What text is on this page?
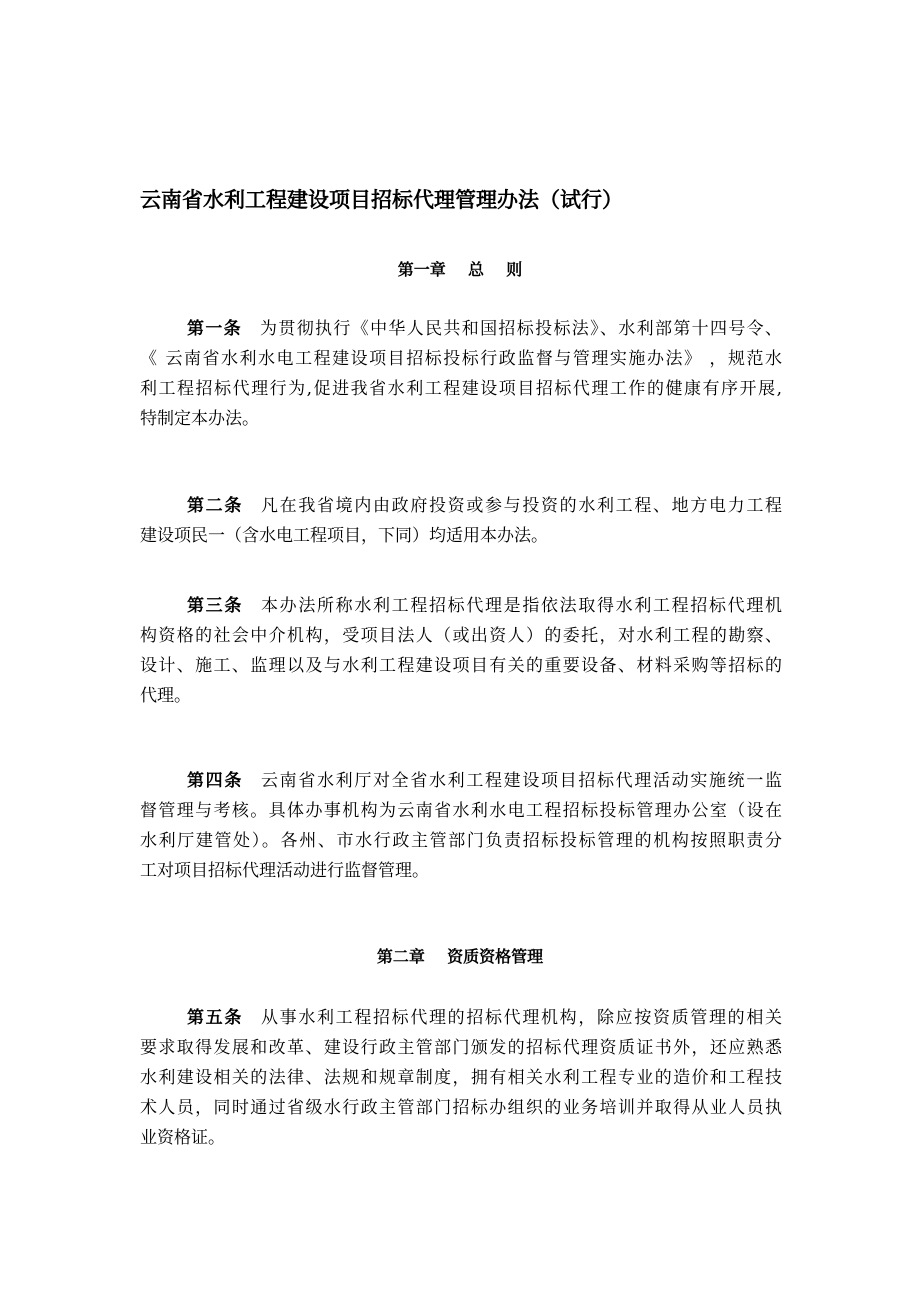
云南省水利工程建设项目招标代理管理办法（试行）
第一章    总    则
第一条 为贯彻执行《中华人民共和国招标投标法》、水利部第十四号令、
《 云南省水利水电工程建设项目招标投标行政监督与管理实施办法》 ，规范水
利工程招标代理行为,促进我省水利工程建设项目招标代理工作的健康有序开展,
特制定本办法。
第二条 凡在我省境内由政府投资或参与投资的水利工程、地方电力工程
建设项民一（含水电工程项目，下同）均适用本办法。
第三条 本办法所称水利工程招标代理是指依法取得水利工程招标代理机
构资格的社会中介机构，受项目法人（或出资人）的委托，对水利工程的勘察、
设计、施工、监理以及与水利工程建设项目有关的重要设备、材料采购等招标的
代理。
第四条 云南省水利厅对全省水利工程建设项目招标代理活动实施统一监
督管理与考核。具体办事机构为云南省水利水电工程招标投标管理办公室（设在
水利厅建管处）。各州、市水行政主管部门负责招标投标管理的机构按照职责分
工对项目招标代理活动进行监督管理。
第二章    资质资格管理
第五条 从事水利工程招标代理的招标代理机构，除应按资质管理的相关
要求取得发展和改革、建设行政主管部门颁发的招标代理资质证书外，还应熟悉
水利建设相关的法律、法规和规章制度，拥有相关水利工程专业的造价和工程技
术人员，同时通过省级水行政主管部门招标办组织的业务培训并取得从业人员执
业资格证。
